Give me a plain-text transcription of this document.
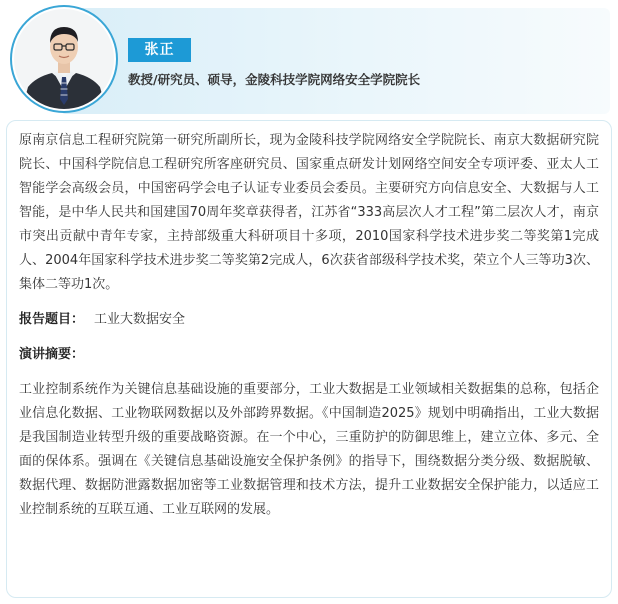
张正
教授/研究员、硕导，金陵科技学院网络安全学院院长

原南京信息工程研究院第一研究所副所长，现为金陵科技学院网络安全学院院长、南京大数据研究院院长、中国科学院信息工程研究所客座研究员、国家重点研发计划网络空间安全专项评委、亚太人工智能学会高级会员，中国密码学会电子认证专业委员会委员。主要研究方向信息安全、大数据与人工智能，是中华人民共和国建国70周年奖章获得者，江苏省“333高层次人才工程”第二层次人才，南京市突出贡献中青年专家，主持部级重大科研项目十多项，2010国家科学技术进步奖二等奖第1完成人、2004年国家科学技术进步奖二等奖第2完成人，6次获省部级科学技术奖，荣立个人三等功3次、集体二等功1次。

报告题目： 工业大数据安全
演讲摘要：

工业控制系统作为关键信息基础设施的重要部分，工业大数据是工业领域相关数据集的总称，包括企业信息化数据、工业物联网数据以及外部跨界数据。《中国制造2025》规划中明确指出，工业大数据是我国制造业转型升级的重要战略资源。在一个中心，三重防护的防御思维上，建立立体、多元、全面的保体系。强调在《关键信息基础设施安全保护条例》的指导下，围绕数据分类分级、数据脱敏、数据代理、数据防泄露数据加密等工业数据管理和技术方法，提升工业数据安全保护能力，以适应工业控制系统的互联互通、工业互联网的发展。
